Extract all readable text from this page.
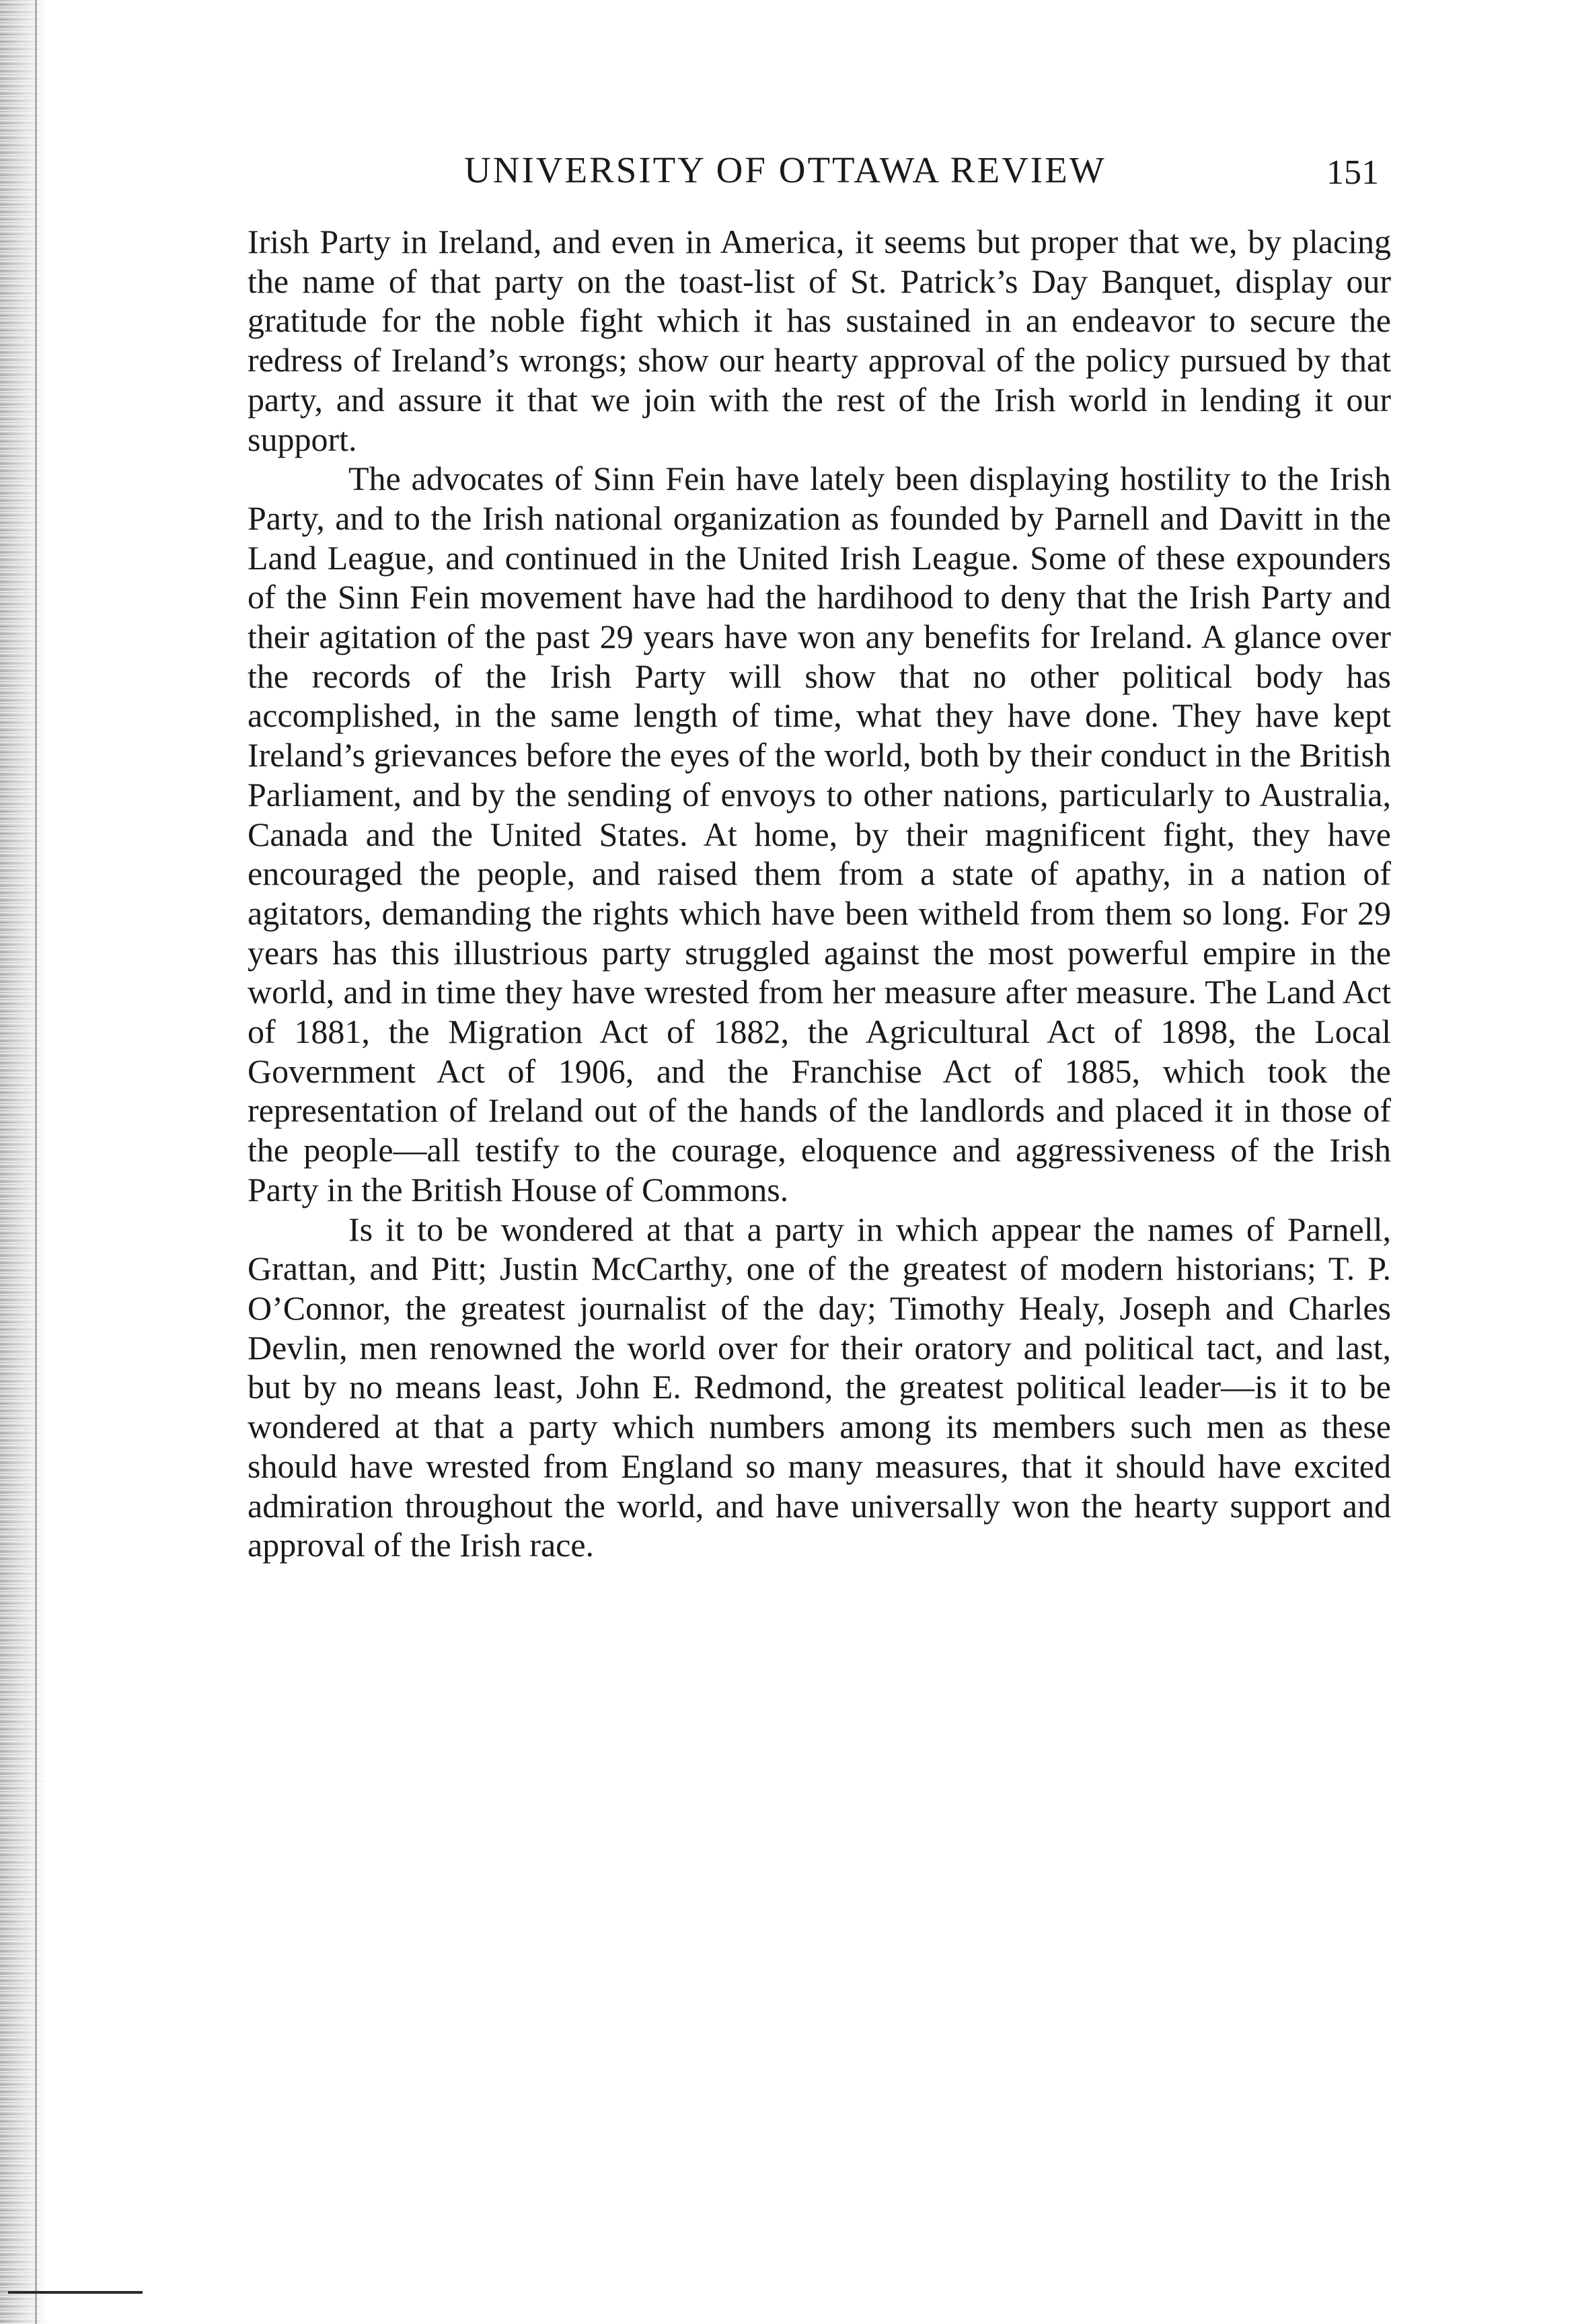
UNIVERSITY OF OTTAWA REVIEW	151

Irish Party in Ireland, and even in America, it seems but proper that we, by placing the name of that party on the toast-list of St. Patrick’s Day Banquet, display our gratitude for the noble fight which it has sustained in an endeavor to secure the redress of Ireland’s wrongs; show our hearty approval of the policy pursued by that party, and assure it that we join with the rest of the Irish world in lending it our support.

The advocates of Sinn Fein have lately been displaying hostility to the Irish Party, and to the Irish national organization as founded by Parnell and Davitt in the Land League, and continued in the United Irish League. Some of these expounders of the Sinn Fein movement have had the hardihood to deny that the Irish Party and their agitation of the past 29 years have won any benefits for Ireland. A glance over the records of the Irish Party will show that no other political body has accomplished, in the same length of time, what they have done. They have kept Ireland’s grievances before the eyes of the world, both by their conduct in the British Parliament, and by the sending of envoys to other nations, particularly to Australia, Canada and the United States. At home, by their magnificent fight, they have encouraged the people, and raised them from a state of apathy, in a nation of agitators, demanding the rights which have been witheld from them so long. For 29 years has this illustrious party struggled against the most powerful empire in the world, and in time they have wrested from her measure after measure. The Land Act of 1881, the Migration Act of 1882, the Agricultural Act of 1898, the Local Government Act of 1906, and the Franchise Act of 1885, which took the representation of Ireland out of the hands of the landlords and placed it in those of the people—all testify to the courage, eloquence and aggressiveness of the Irish Party in the British House of Commons.

Is it to be wondered at that a party in which appear the names of Parnell, Grattan, and Pitt; Justin McCarthy, one of the greatest of modern historians; T. P. O’Connor, the greatest journalist of the day; Timothy Healy, Joseph and Charles Devlin, men renowned the world over for their oratory and political tact, and last, but by no means least, John E. Redmond, the greatest political leader—is it to be wondered at that a party which numbers among its members such men as these should have wrested from England so many measures, that it should have excited admiration throughout the world, and have universally won the hearty support and approval of the Irish race.
